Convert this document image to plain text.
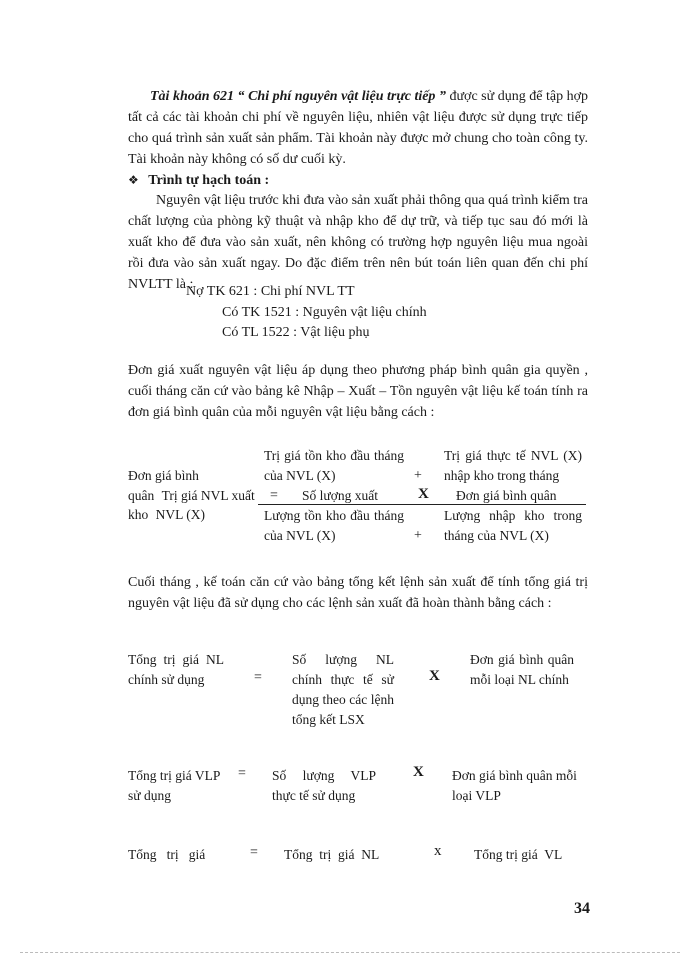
Tài khoản 621 “ Chi phí nguyên vật liệu trực tiếp ” được sử dụng để tập hợp tất cả các tài khoản chi phí về nguyên liệu, nhiên vật liệu được sử dụng trực tiếp cho quá trình sản xuất sản phẩm. Tài khoản này được mở chung cho toàn công ty. Tài khoản này không có số dư cuối kỳ.
❖ Trình tự hạch toán :
Nguyên vật liệu trước khi đưa vào sản xuất phải thông qua quá trình kiểm tra chất lượng của phòng kỹ thuật và nhập kho để dự trữ, và tiếp tục sau đó mới là xuất kho để đưa vào sản xuất, nên không có trường hợp nguyên liệu mua ngoài rồi đưa vào sản xuất ngay. Do đặc điểm trên nên bút toán liên quan đến chi phí NVLTT là :
Nợ TK 621 : Chi phí NVL TT
Có TK 1521 : Nguyên vật liệu chính
Có TL 1522 : Vật liệu phụ
Đơn giá xuất nguyên vật liệu áp dụng theo phương pháp bình quân gia quyền , cuối tháng căn cứ vào bảng kê Nhập – Xuất – Tồn nguyên vật liệu kế toán tính ra đơn giá bình quân của mỗi nguyên vật liệu bằng cách :
Đơn giá bình
quân Trị giá NVL xuất
kho NVL (X)
Trị giá tồn kho đầu tháng của NVL (X)	+
Trị giá thực tế NVL (X) nhập kho trong tháng
= Số lượng xuất	X Đơn giá bình quân
Lượng tồn kho đầu tháng của NVL (X)	+
Lượng nhập kho trong tháng của NVL (X)
Cuối tháng , kế toán căn cứ vào bảng tổng kết lệnh sản xuất để tính tổng giá trị nguyên vật liệu đã sử dụng cho các lệnh sản xuất đã hoàn thành bằng cách :
Tổng trị giá NL chính sử dụng	=
Số lượng NL chính thực tế sử dụng theo các lệnh tổng kết LSX
X
Đơn giá bình quân mỗi loại NL chính
Tổng trị giá VLP sử dụng
= Số lượng VLP thực tế sử dụng
X Đơn giá bình quân mỗi loại VLP
Tổng   trị   giá	= Tổng  trị  giá  NL	x Tổng trị giá  VL
34
